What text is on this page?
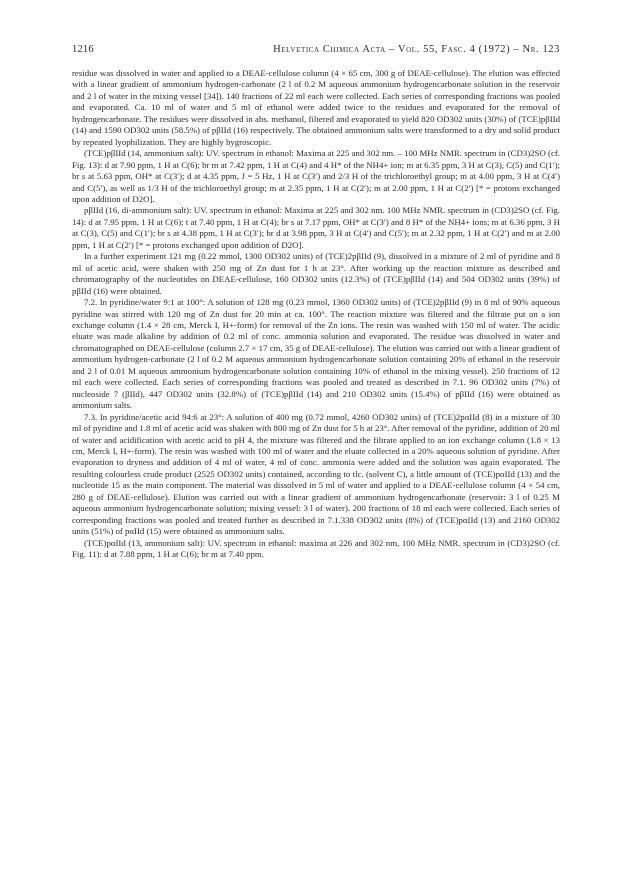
1216	Helvetica Chimica Acta – Vol. 55, Fasc. 4 (1972) – Nr. 123

residue was dissolved in water and applied to a DEAE-cellulose column (4 × 65 cm, 300 g of DEAE-cellulose). The elution was effected with a linear gradient of ammonium hydrogen-carbonate (2 l of 0.2 M aqueous ammonium hydrogencarbonate solution in the reservoir and 2 l of water in the mixing vessel [34]). 140 fractions of 22 ml each were collected. Each series of corresponding fractions was pooled and evaporated. Ca. 10 ml of water and 5 ml of ethanol were added twice to the residues and evaporated for the removal of hydrogencarbonate. The residues were dissolved in abs. methanol, filtered and evaporated to yield 820 OD302 units (30%) of (TCE)pβIId (14) and 1590 OD302 units (58.5%) of pβIId (16) respectively. The obtained ammonium salts were transformed to a dry and solid product by repeated lyophilization. They are highly hygroscopic.

(TCE)pβIId (14, ammonium salt): UV. spectrum in ethanol: Maxima at 225 and 302 nm. – 100 MHz NMR. spectrum in (CD3)2SO (cf. Fig. 13): d at 7.90 ppm, 1 H at C(6); br m at 7.42 ppm, 1 H at C(4) and 4 H* of the NH4+ ion; m at 6.35 ppm, 3 H at C(3), C(5) and C(1′); br s at 5.63 ppm, OH* at C(3′); d at 4.35 ppm, J = 5 Hz, 1 H at C(3′) and 2/3 H of the trichloroethyl group; m at 4.00 ppm, 3 H at C(4′) and C(5′), as well as 1/3 H of the trichloroethyl group; m at 2.35 ppm, 1 H at C(2′); m at 2.00 ppm, 1 H at C(2′) [* = protons exchanged upon addition of D2O].

pβIId (16, di-ammonium salt): UV. spectrum in ethanol: Maxima at 225 and 302 nm. 100 MHz NMR. spectrum in (CD3)2SO (cf. Fig. 14): d at 7.95 ppm, 1 H at C(6); t at 7.40 ppm, 1 H at C(4); br s at 7.17 ppm, OH* at C(3′) and 8 H* of the NH4+ ions; m at 6.36 ppm, 3 H at C(3), C(5) and C(1′); br s at 4.38 ppm, 1 H at C(3′); br d at 3.98 ppm, 3 H at C(4′) and C(5′); m at 2.32 ppm, 1 H at C(2′) and m at 2.00 ppm, 1 H at C(2′) [* = protons exchanged upon addition of D2O].

In a further experiment 121 mg (0.22 mmol, 1300 OD302 units) of (TCE)2pβIId (9), dissolved in a mixture of 2 ml of pyridine and 8 ml of acetic acid, were shaken with 250 mg of Zn dust for 1 h at 23°. After working up the reaction mixture as described and chromatography of the nucleotides on DEAE-cellulose, 160 OD302 units (12.3%) of (TCE)pβIId (14) and 504 OD302 units (39%) of pβIId (16) were obtained.

7.2. In pyridine/water 9:1 at 100°: A solution of 128 mg (0.23 mmol, 1360 OD302 units) of (TCE)2pβIId (9) in 8 ml of 90% aqueous pyridine was stirred with 120 mg of Zn dust for 20 min at ca. 100°. The reaction mixture was filtered and the filtrate put on a ion exchange column (1.4 × 28 cm, Merck I, H+-form) for removal of the Zn ions. The resin was washed with 150 ml of water. The acidic eluate was made alkaline by addition of 0.2 ml of conc. ammonia solution and evaporated. The residue was dissolved in water and chromatographed on DEAE-cellulose (column 2.7 × 17 cm, 35 g of DEAE-cellulose). The elution was carried out with a linear gradient of ammonium hydrogen-carbonate (2 l of 0.2 M aqueous ammonium hydrogencarbonate solution containing 20% of ethanol in the reservoir and 2 l of 0.01 M aqueous ammonium hydrogencarbonate solution containing 10% of ethanol in the mixing vessel). 250 fractions of 12 ml each were collected. Each series of corresponding fractions was pooled and treated as described in 7.1. 96 OD302 units (7%) of nucleoside 7 (βIId), 447 OD302 units (32.8%) of (TCE)pβIId (14) and 210 OD302 units (15.4%) of pβIId (16) were obtained as ammonium salts.

7.3. In pyridine/acetic acid 94:6 at 23°: A solution of 400 mg (0.72 mmol, 4260 OD302 units) of (TCE)2pαIId (8) in a mixture of 30 ml of pyridine and 1.8 ml of acetic acid was shaken with 800 mg of Zn dust for 5 h at 23°. After removal of the pyridine, addition of 20 ml of water and acidification with acetic acid to pH 4, the mixture was filtered and the filtrate applied to an ion exchange column (1.8 × 13 cm, Merck I, H+-form). The resin was washed with 100 ml of water and the eluate collected in a 20% aqueous solution of pyridine. After evaporation to dryness and addition of 4 ml of water, 4 ml of conc. ammonia were added and the solution was again evaporated. The resulting colourless crude product (2525 OD302 units) contained, according to tlc. (solvent C), a little amount of (TCE)pαIId (13) and the nucleotide 15 as the main component. The material was dissolved in 5 ml of water and applied to a DEAE-cellulose column (4 × 54 cm, 280 g of DEAE-cellulose). Elution was carried out with a linear gradient of ammonium hydrogencarbonate (reservoir: 3 l of 0.25 M aqueous ammonium hydrogencarbonate solution; mixing vessel: 3 l of water). 200 fractions of 18 ml each were collected. Each series of corresponding fractions was pooled and treated further as described in 7.1.338 OD302 units (8%) of (TCE)pαIId (13) and 2160 OD302 units (51%) of pαIId (15) were obtained as ammonium salts.

(TCE)pαIId (13, ammonium salt): UV. spectrum in ethanol: maxima at 226 and 302 nm, 100 MHz NMR. spectrum in (CD3)2SO (cf. Fig. 11): d at 7.88 ppm, 1 H at C(6); br m at 7.40 ppm.
